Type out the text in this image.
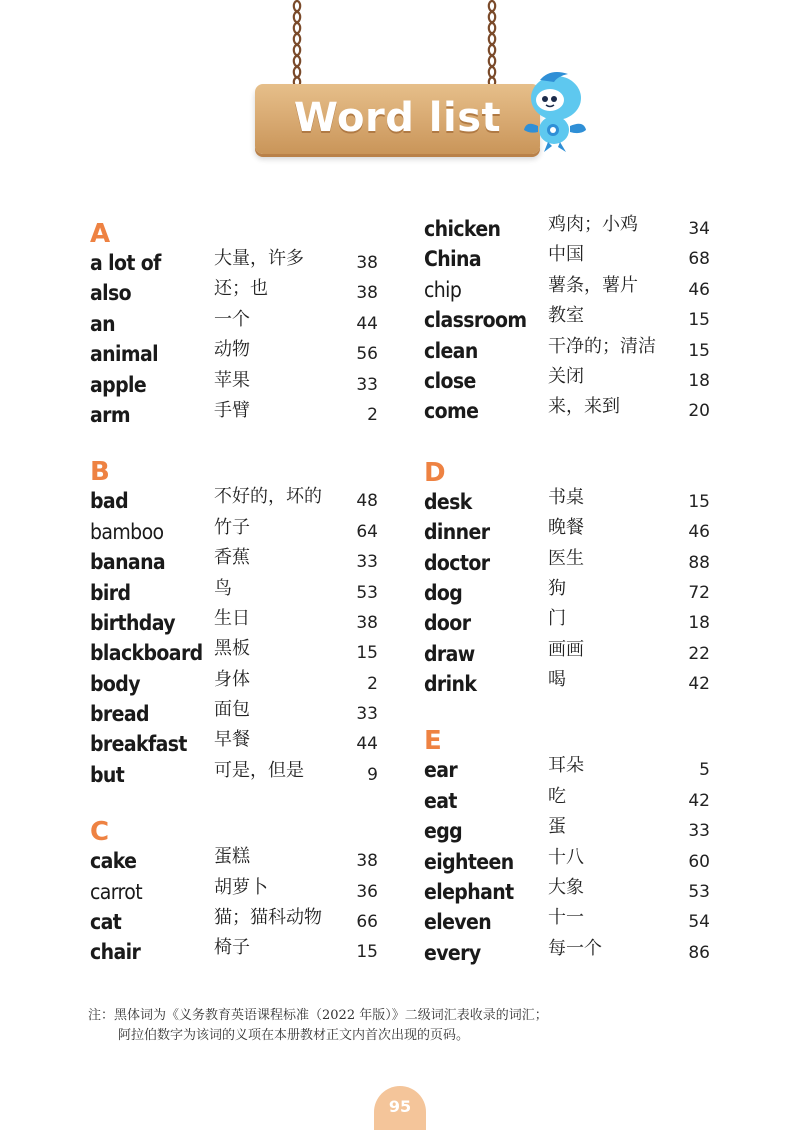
Word list
A
a lot of	大量，许多	38
also	还；也	38
an	一个	44
animal	动物	56
apple	苹果	33
arm	手臂	2
B
bad	不好的，坏的 48
bamboo	竹子	64
banana	香蕉	33
bird	鸟	53
birthday 生日	38
blackboard 黑板	15
body	身体	2
bread	面包	33
breakfast 早餐	44
but	可是，但是	9
C
cake	蛋糕	38
carrot	胡萝卜	36
cat	猫；猫科动物 66
chair	椅子	15
chicken	鸡肉；小鸡	34
China	中国	68
chip	薯条，薯片	46
classroom 教室	15
clean	干净的；清洁 15
close	关闭	18
come	来，来到	20
D
desk	书桌	15
dinner	晚餐	46
doctor	医生	88
dog	狗	72
door	门	18
draw	画画	22
drink	喝	42
E
ear	耳朵	5
eat	吃	42
egg	蛋	33
eighteen 十八	60
elephant 大象	53
eleven	十一	54
every	每一个	86
注：黑体词为《义务教育英语课程标准（2022 年版）》二级词汇表收录的词汇；
阿拉伯数字为该词的义项在本册教材正文内首次出现的页码。
95
